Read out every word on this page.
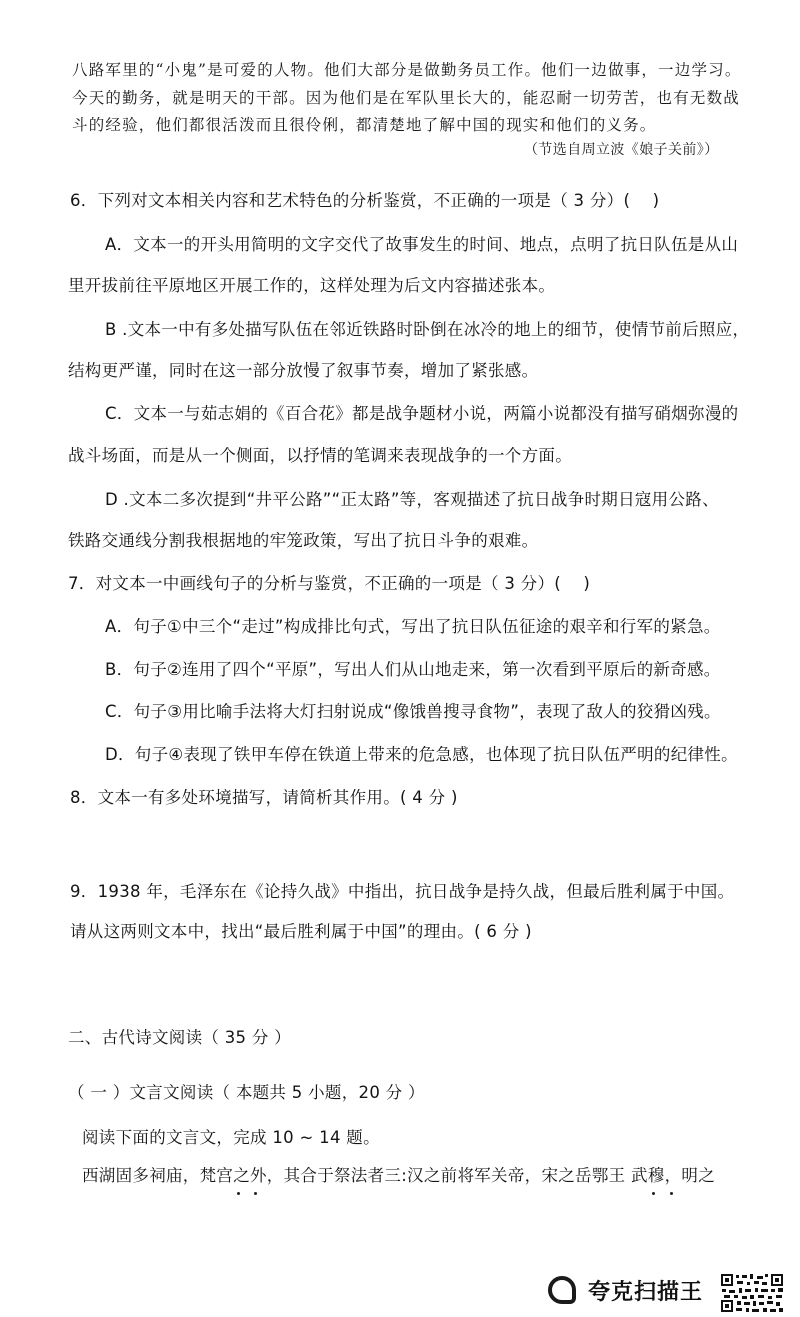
八路军里的“小鬼”是可爱的人物。他们大部分是做勤务员工作。他们一边做事，一边学习。
今天的勤务，就是明天的干部。因为他们是在军队里长大的，能忍耐一切劳苦，也有无数战
斗的经验，他们都很活泼而且很伶俐，都清楚地了解中国的现实和他们的义务。
（节选自周立波《娘子关前》）
6．下列对文本相关内容和艺术特色的分析鉴赏，不正确的一项是（ 3 分）(　 )
A．文本一的开头用简明的文字交代了故事发生的时间、地点，点明了抗日队伍是从山
里开拔前往平原地区开展工作的，这样处理为后文内容描述张本。
B .文本一中有多处描写队伍在邻近铁路时卧倒在冰冷的地上的细节，使情节前后照应，
结构更严谨，同时在这一部分放慢了叙事节奏，增加了紧张感。
C．文本一与茹志娟的《百合花》都是战争题材小说，两篇小说都没有描写硝烟弥漫的
战斗场面，而是从一个侧面，以抒情的笔调来表现战争的一个方面。
D .文本二多次提到“井平公路”“正太路”等，客观描述了抗日战争时期日寇用公路、
铁路交通线分割我根据地的牢笼政策，写出了抗日斗争的艰难。
7．对文本一中画线句子的分析与鉴赏，不正确的一项是（ 3 分）(　 )
A．句子①中三个“走过”构成排比句式，写出了抗日队伍征途的艰辛和行军的紧急。
B．句子②连用了四个“平原”，写出人们从山地走来，第一次看到平原后的新奇感。
C．句子③用比喻手法将大灯扫射说成“像饿兽搜寻食物”，表现了敌人的狡猾凶残。
D．句子④表现了铁甲车停在铁道上带来的危急感，也体现了抗日队伍严明的纪律性。
8．文本一有多处环境描写，请简析其作用。( 4 分 )
9．1938 年，毛泽东在《论持久战》中指出，抗日战争是持久战，但最后胜利属于中国。
请从这两则文本中，找出“最后胜利属于中国”的理由。( 6 分 )
二、古代诗文阅读（ 35 分 ）
（ 一 ）文言文阅读（ 本题共 5 小题，20 分 ）
阅读下面的文言文，完成 10 ~ 14 题。
西湖固多祠庙，梵宫之外，其合于祭法者三:汉之前将军关帝，宋之岳鄂王 武穆，明之
夸克扫描王
